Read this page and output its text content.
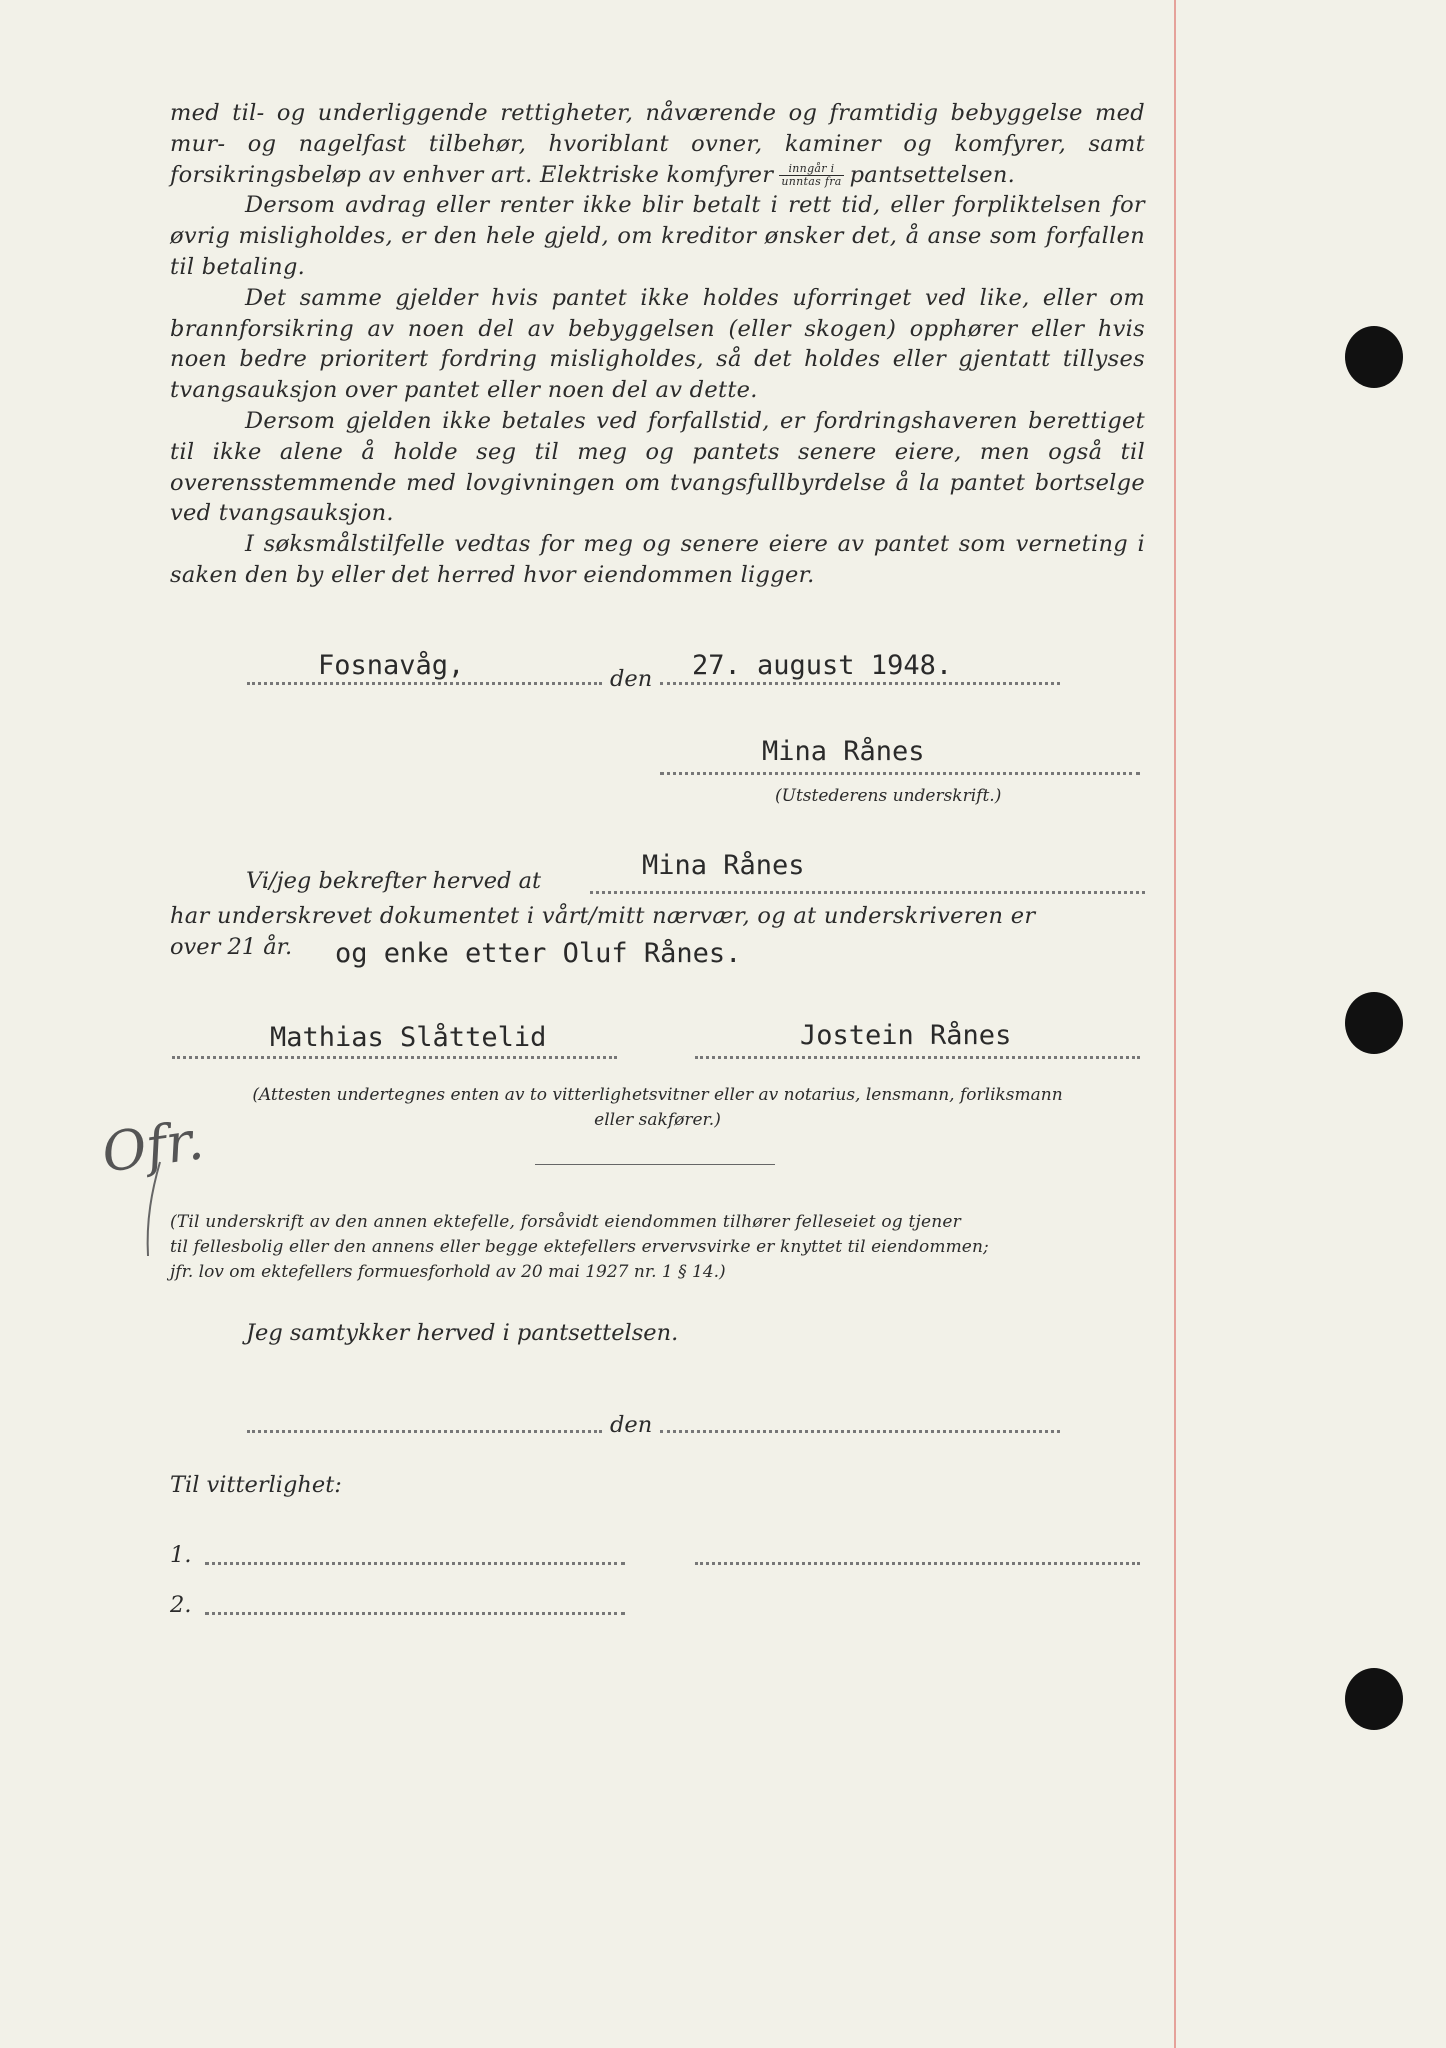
med til- og underliggende rettigheter, nåværende og framtidig bebyggelse med mur- og nagelfast tilbehør, hvoriblant ovner, kaminer og komfyrer, samt forsikringsbeløp av enhver art. Elektriske komfyrer $\frac{\text{inngår i}}{\text{unntas fra}}$ pantsettelsen.

Dersom avdrag eller renter ikke blir betalt i rett tid, eller forpliktelsen for øvrig misligholdes, er den hele gjeld, om kreditor ønsker det, å anse som forfallen til betaling.

Det samme gjelder hvis pantet ikke holdes uforringet ved like, eller om brannforsikring av noen del av bebyggelsen (eller skogen) opphører eller hvis noen bedre prioritert fordring misligholdes, så det holdes eller gjentatt tillyses tvangsauksjon over pantet eller noen del av dette.

Dersom gjelden ikke betales ved forfallstid, er fordringshaveren berettiget til ikke alene å holde seg til meg og pantets senere eiere, men også til overensstemmende med lovgivningen om tvangsfullbyrdelse å la pantet bortselge ved tvangsauksjon.

I søksmålstilfelle vedtas for meg og senere eiere av pantet som verneting i saken den by eller det herred hvor eiendommen ligger.

Fosnavåg,	den 27. august 1948.
Mina Rånes
(Utstederens underskrift.)
Vi/jeg bekrefter herved at	Mina Rånes
har underskrevet dokumentet i vårt/mitt nærvær, og at underskriveren er
over 21 år. og enke etter Oluf Rånes.
Mathias Slåttelid	Jostein Rånes
(Attesten undertegnes enten av to vitterlighetsvitner eller av notarius, lensmann, forliksmann
eller sakfører.)
Ofr.
(Til underskrift av den annen ektefelle, forsåvidt eiendommen tilhører felleseiet og tjener
til fellesbolig eller den annens eller begge ektefellers ervervsvirke er knyttet til eiendommen;
jfr. lov om ektefellers formuesforhold av 20 mai 1927 nr. 1 § 14.)
Jeg samtykker herved i pantsettelsen.
den
Til vitterlighet:
1.
2.
